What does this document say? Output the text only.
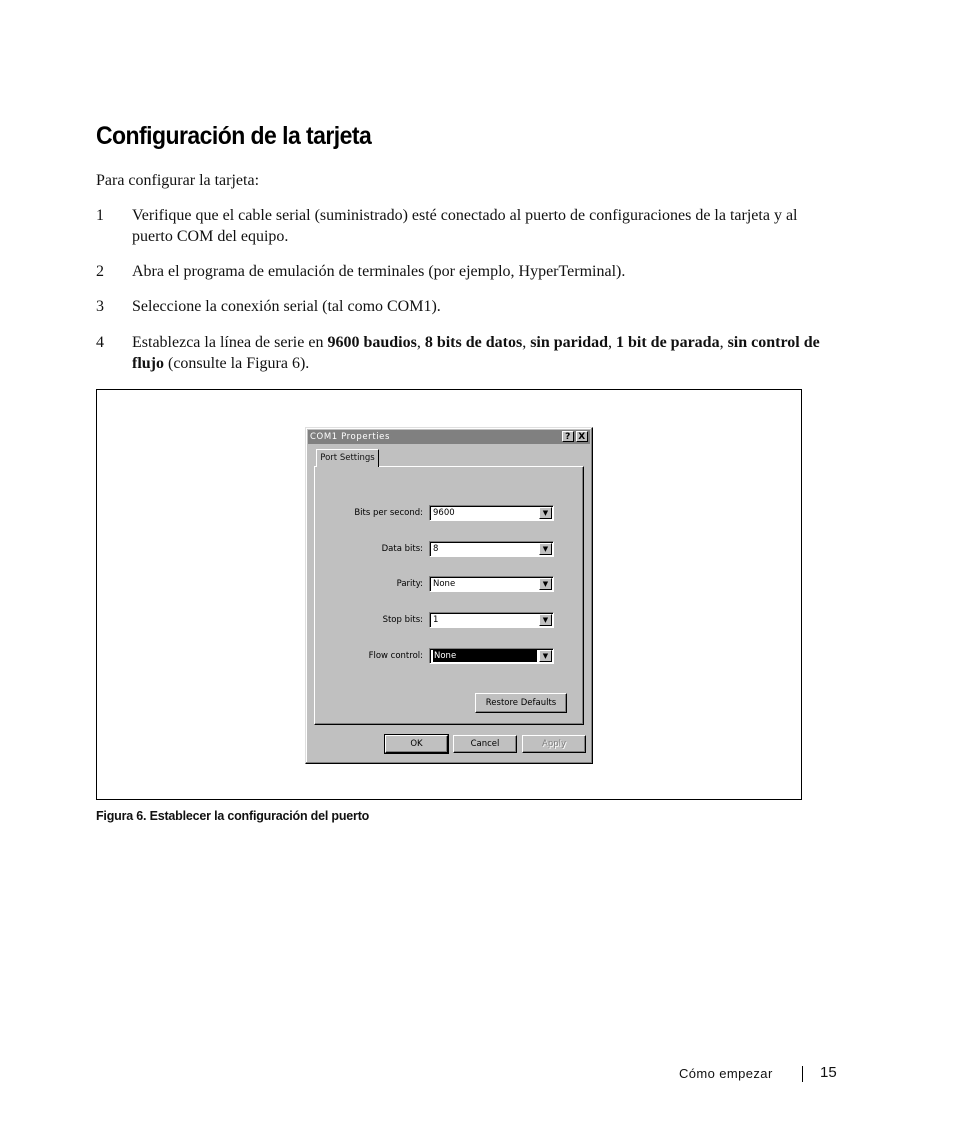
Configuración de la tarjeta

Para configurar la tarjeta:

1	Verifique que el cable serial (suministrado) esté conectado al puerto de configuraciones de la tarjeta y al puerto COM del equipo.
2	Abra el programa de emulación de terminales (por ejemplo, HyperTerminal).
3	Seleccione la conexión serial (tal como COM1).
4	Establezca la línea de serie en 9600 baudios, 8 bits de datos, sin paridad, 1 bit de parada, sin control de flujo (consulte la Figura 6).
COM1 Properties	? X
Port Settings
Bits per second: 9600	▼
Data bits: 8	▼
Parity: None	▼
Stop bits: 1	▼
Flow control: None	▼
Restore Defaults
OK	Cancel	Apply

Figura 6. Establecer la configuración del puerto

Cómo empezar	15
